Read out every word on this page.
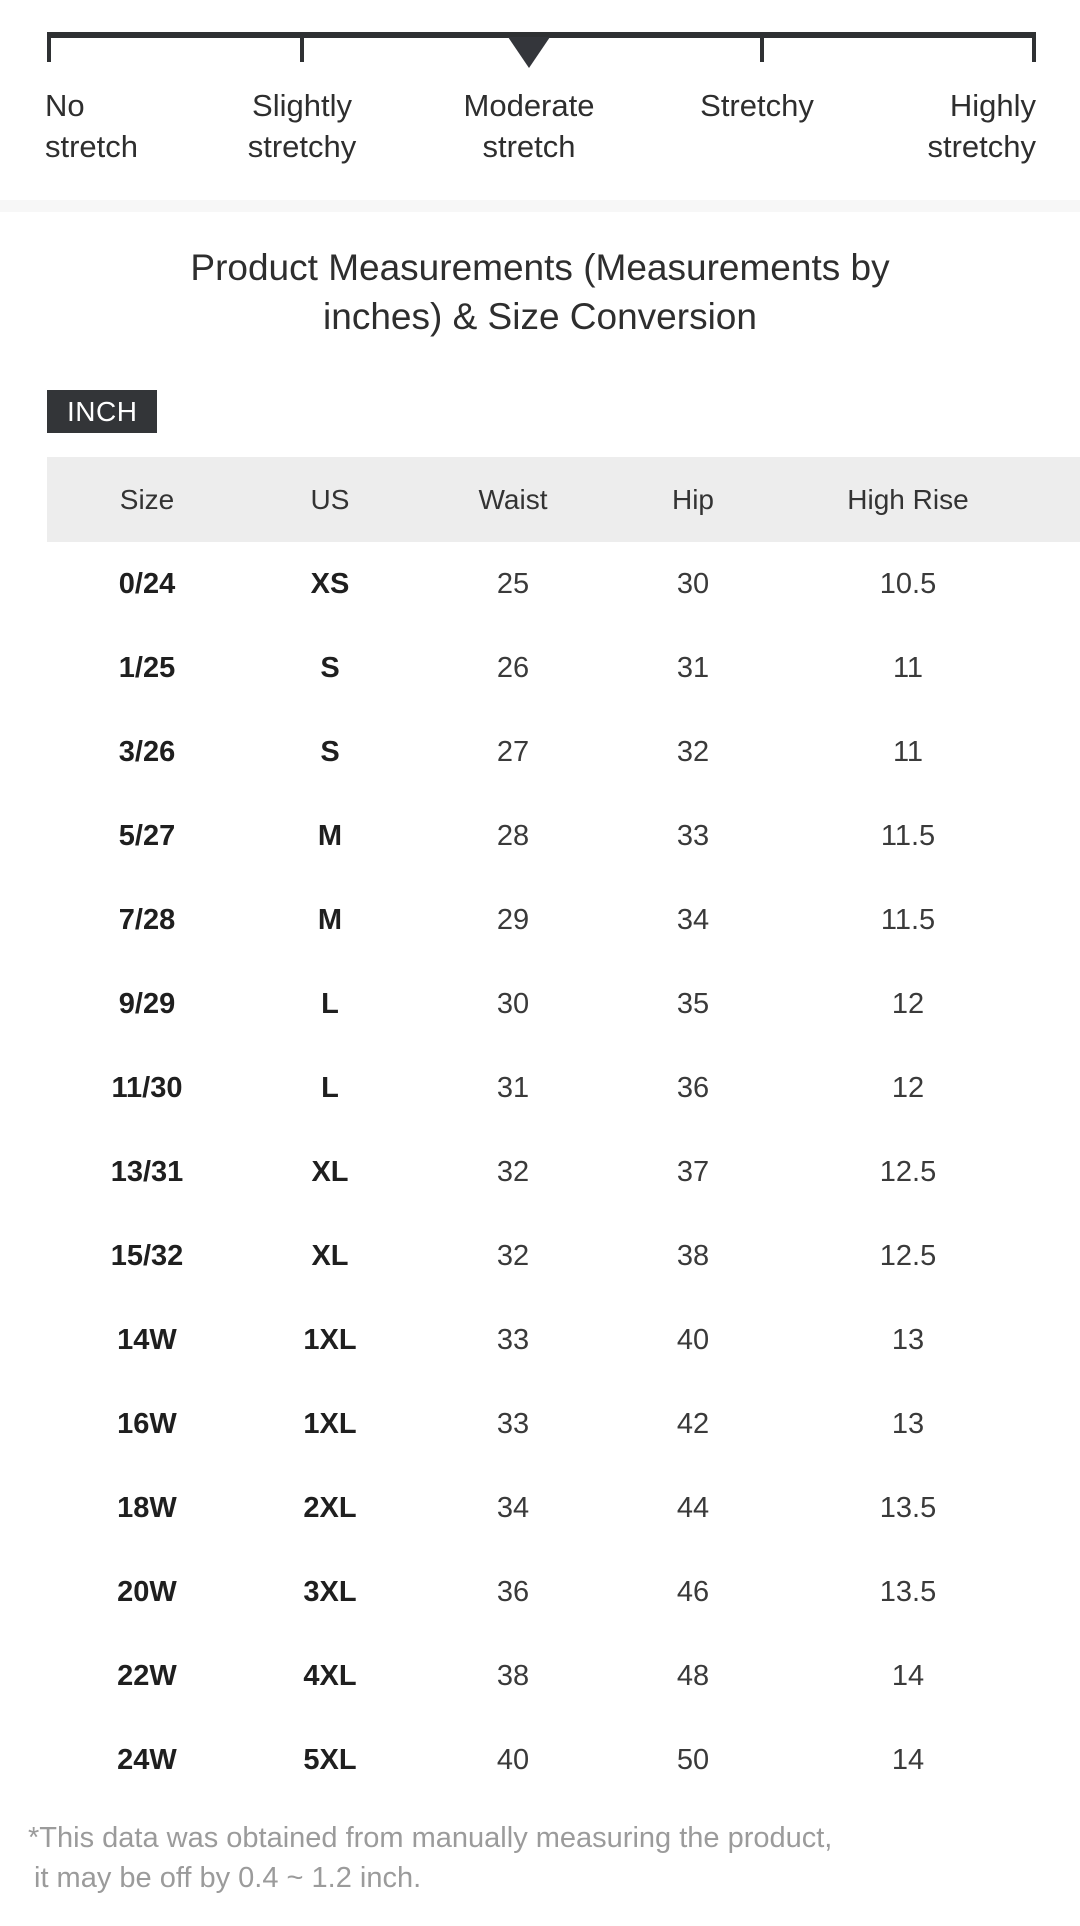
No
stretch
Slightly
stretchy
Moderate
stretch
Stretchy	Highly
stretchy
Product Measurements (Measurements by inches) & Size Conversion
INCH
Size	US	Waist	Hip	High Rise
0/24	XS	25	30	10.5
1/25	S	26	31	11
3/26	S	27	32	11
5/27	M	28	33	11.5
7/28	M	29	34	11.5
9/29	L	30	35	12
11/30	L	31	36	12
13/31	XL	32	37	12.5
15/32	XL	32	38	12.5
14W	1XL	33	40	13
16W	1XL	33	42	13
18W	2XL	34	44	13.5
20W	3XL	36	46	13.5
22W	4XL	38	48	14
24W	5XL	40	50	14
*This data was obtained from manually measuring the product,
it may be off by 0.4 ~ 1.2 inch.
